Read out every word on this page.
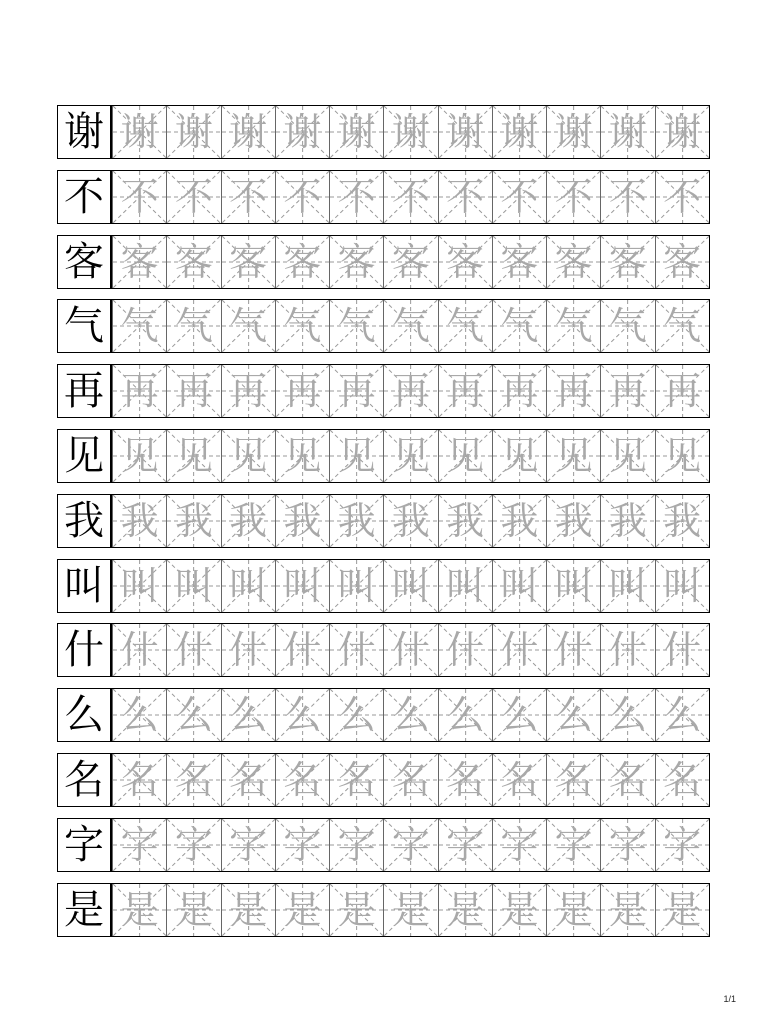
谢 谢 谢 谢 谢 谢 谢 谢 谢 谢 谢 谢
不 不 不 不 不 不 不 不 不 不 不 不
客 客 客 客 客 客 客 客 客 客 客 客
气 气 气 气 气 气 气 气 气 气 气 气
再 再 再 再 再 再 再 再 再 再 再 再
见 见 见 见 见 见 见 见 见 见 见 见
我 我 我 我 我 我 我 我 我 我 我 我
叫 叫 叫 叫 叫 叫 叫 叫 叫 叫 叫 叫
什 什 什 什 什 什 什 什 什 什 什 什
么 么 么 么 么 么 么 么 么 么 么 么
名 名 名 名 名 名 名 名 名 名 名 名
字 字 字 字 字 字 字 字 字 字 字 字
是 是 是 是 是 是 是 是 是 是 是 是
1/1
